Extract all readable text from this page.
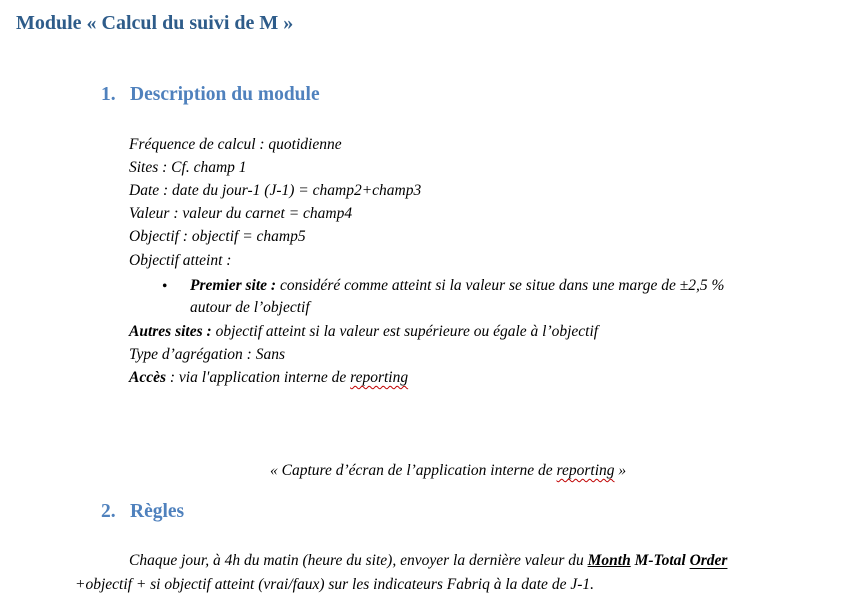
Module « Calcul du suivi de M »
1. Description du module
Fréquence de calcul : quotidienne
Sites : Cf. champ 1
Date : date du jour-1 (J-1) = champ2+champ3
Valeur : valeur du carnet = champ4
Objectif : objectif = champ5
Objectif atteint :
• Premier site : considéré comme atteint si la valeur se situe dans une marge de ±2,5 %
autour de l’objectif
Autres sites : objectif atteint si la valeur est supérieure ou égale à l’objectif
Type d’agrégation : Sans
Accès : via l'application interne de reporting
« Capture d’écran de l’application interne de reporting »
2. Règles
Chaque jour, à 4h du matin (heure du site), envoyer la dernière valeur du Month M-Total Order
+objectif + si objectif atteint (vrai/faux) sur les indicateurs Fabriq à la date de J-1.
